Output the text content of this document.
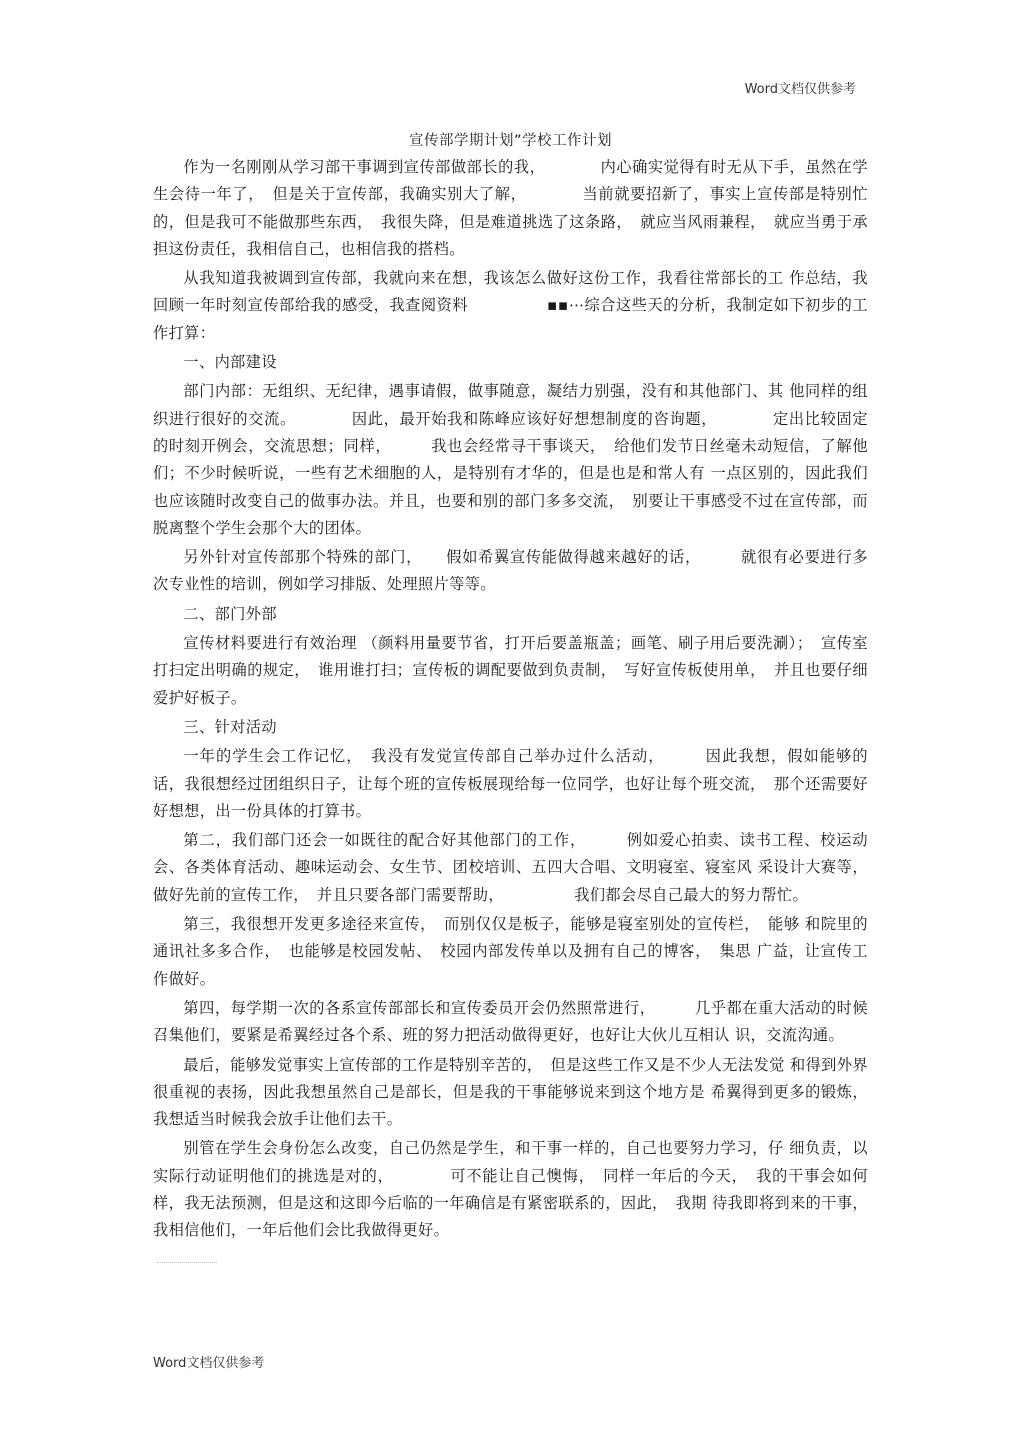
Word文档仅供参考
宣传部学期计划”学校工作计划

作为一名刚刚从学习部干事调到宣传部做部长的我，　　　　内心确实觉得有时无从下手，虽然在学生会待一年了，　但是关于宣传部，我确实别大了解，　　　　当前就要招新了，事实上宣传部是特别忙的，但是我可不能做那些东西，　我很失降，但是难道挑选了这条路，　就应当风雨兼程，　就应当勇于承担这份责任，我相信自己，也相信我的搭档。

从我知道我被调到宣传部，我就向来在想，我该怎么做好这份工作，我看往常部长的工 作总结，我回顾一年时刻宣传部给我的感受，我查阅资料　　　　　▪▪⋯综合这些天的分析，我制定如下初步的工作打算：

一、内部建设

部门内部：无组织、无纪律，遇事请假，做事随意，凝结力别强，没有和其他部门、其 他同样的组织进行很好的交流。　　　　因此，最开始我和陈峰应该好好想想制度的咨询题，　　　　定出比较固定的时刻开例会，交流思想；同样，　　　我也会经常寻干事谈天，　给他们发节日丝毫未动短信，了解他们；不少时候听说，一些有艺术细胞的人，是特别有才华的，但是也是和常人有 一点区别的，因此我们也应该随时改变自己的做事办法。并且，也要和别的部门多多交流，　别要让干事感受不过在宣传部，而脱离整个学生会那个大的团体。

另外针对宣传部那个特殊的部门，　　假如希翼宣传能做得越来越好的话，　　　就很有必要进行多次专业性的培训，例如学习排版、处理照片等等。

二、部门外部

宣传材料要进行有效治理 （颜料用量要节省，打开后要盖瓶盖；画笔、刷子用后要洗涮）；　宣传室打扫定出明确的规定，　谁用谁打扫；宣传板的调配要做到负责制，　写好宣传板使用单，　并且也要仔细爱护好板子。

三、针对活动

一年的学生会工作记忆，　我没有发觉宣传部自己举办过什么活动，　　　因此我想，假如能够的话，我很想经过团组织日子，让每个班的宣传板展现给每一位同学，也好让每个班交流，　那个还需要好好想想，出一份具体的打算书。

第二，我们部门还会一如既往的配合好其他部门的工作，　　　例如爱心拍卖、读书工程、校运动会、各类体育活动、趣味运动会、女生节、团校培训、五四大合唱、文明寝室、寝室风 采设计大赛等，做好先前的宣传工作，　并且只要各部门需要帮助，　　　　　我们都会尽自己最大的努力帮忙。

第三，我很想开发更多途径来宣传，　而别仅仅是板子，能够是寝室别处的宣传栏，　能够 和院里的通讯社多多合作，　也能够是校园发帖、　校园内部发传单以及拥有自己的博客，　集思 广益，让宣传工作做好。

第四，每学期一次的各系宣传部部长和宣传委员开会仍然照常进行，　　　几乎都在重大活动的时候召集他们，要紧是希翼经过各个系、班的努力把活动做得更好，也好让大伙儿互相认 识，交流沟通。

最后，能够发觉事实上宣传部的工作是特别辛苦的，　但是这些工作又是不少人无法发觉 和得到外界很重视的表扬，因此我想虽然自己是部长，但是我的干事能够说来到这个地方是 希翼得到更多的锻炼，我想适当时候我会放手让他们去干。

别管在学生会身份怎么改变，自己仍然是学生，和干事一样的，自己也要努力学习，仔 细负责，以实际行动证明他们的挑选是对的，　　　　可不能让自己懊悔，　同样一年后的今天，　我的干事会如何样，我无法预测，但是这和这即今后临的一年确信是有紧密联系的，因此，　我期 待我即将到来的干事，我相信他们，一年后他们会比我做得更好。

Word文档仅供参考
